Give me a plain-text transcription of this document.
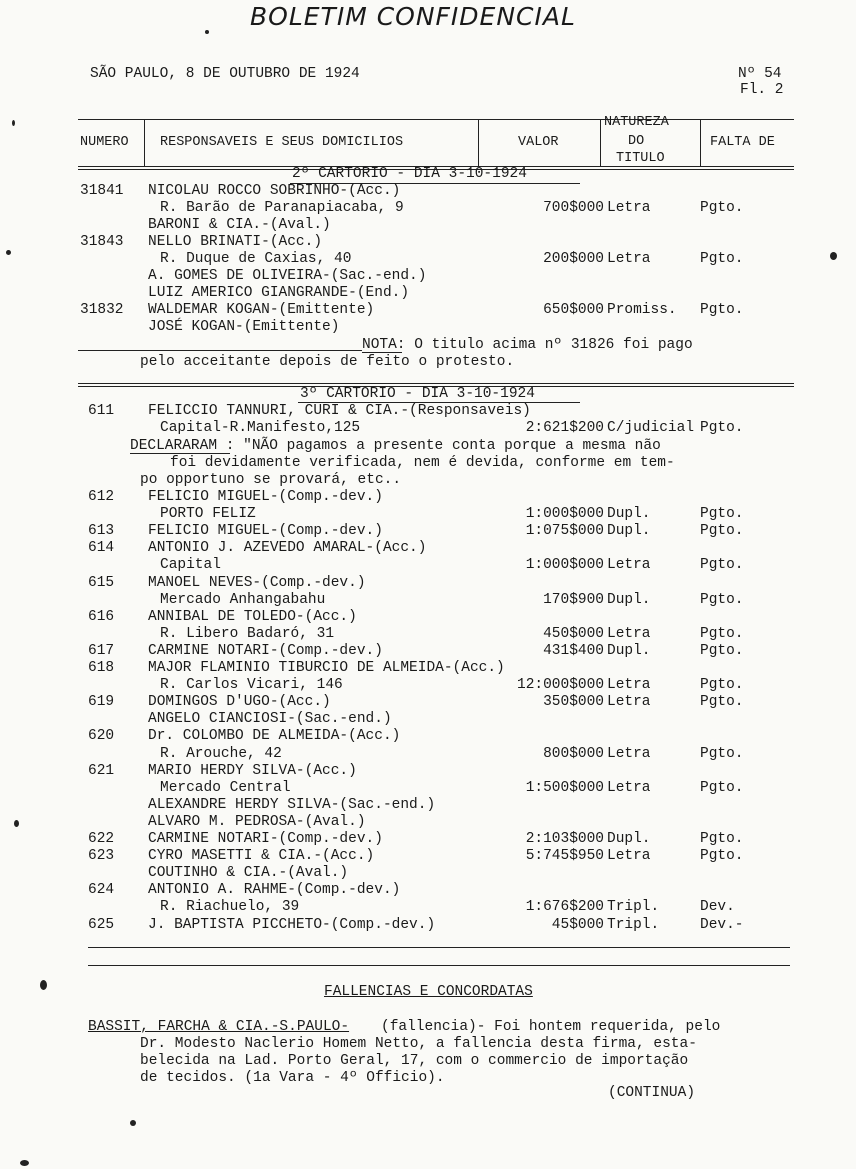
BOLETIM CONFIDENCIAL
SÃO PAULO, 8 DE OUTUBRO DE 1924	Nº 54
Fl. 2
NUMERO RESPONSAVEIS E SEUS DOMICILIOS	VALOR
NATUREZA
DO
TITULO
FALTA DE
2º CARTORIO - DIA 3-10-1924
31841 NICOLAU ROCCO SOBRINHO-(Acc.)
R. Barão de Paranapiacaba, 9	700$000 Letra	Pgto.
BARONI & CIA.-(Aval.)
31843 NELLO BRINATI-(Acc.)
R. Duque de Caxias, 40	200$000 Letra	Pgto.
A. GOMES DE OLIVEIRA-(Sac.-end.)
LUIZ AMERICO GIANGRANDE-(End.)
31832 WALDEMAR KOGAN-(Emittente)	650$000 Promiss. Pgto.
JOSÉ KOGAN-(Emittente)
NOTA: O titulo acima nº 31826 foi pago
pelo acceitante depois de feito o protesto.
3º CARTORIO - DIA 3-10-1924
611 FELICCIO TANNURI, CURI & CIA.-(Responsaveis)
Capital-R.Manifesto,125	2:621$200 C/judicial Pgto.
DECLARARAM : "NÃO pagamos a presente conta porque a mesma não
foi devidamente verificada, nem é devida, conforme em tem-
po opportuno se provará, etc..
612 FELICIO MIGUEL-(Comp.-dev.)
PORTO FELIZ	1:000$000 Dupl.	Pgto.
613 FELICIO MIGUEL-(Comp.-dev.)	1:075$000 Dupl.	Pgto.
614 ANTONIO J. AZEVEDO AMARAL-(Acc.)
Capital	1:000$000 Letra	Pgto.
615 MANOEL NEVES-(Comp.-dev.)
Mercado Anhangabahu	170$900 Dupl.	Pgto.
616 ANNIBAL DE TOLEDO-(Acc.)
R. Libero Badaró, 31	450$000 Letra	Pgto.
617 CARMINE NOTARI-(Comp.-dev.)	431$400 Dupl.	Pgto.
618 MAJOR FLAMINIO TIBURCIO DE ALMEIDA-(Acc.)
R. Carlos Vicari, 146	12:000$000 Letra	Pgto.
619 DOMINGOS D'UGO-(Acc.)	350$000 Letra	Pgto.
ANGELO CIANCIOSI-(Sac.-end.)
620 Dr. COLOMBO DE ALMEIDA-(Acc.)
R. Arouche, 42	800$000 Letra	Pgto.
621 MARIO HERDY SILVA-(Acc.)
Mercado Central	1:500$000 Letra	Pgto.
ALEXANDRE HERDY SILVA-(Sac.-end.)
ALVARO M. PEDROSA-(Aval.)
622 CARMINE NOTARI-(Comp.-dev.)	2:103$000 Dupl.	Pgto.
623 CYRO MASETTI & CIA.-(Acc.)	5:745$950 Letra	Pgto.
COUTINHO & CIA.-(Aval.)
624 ANTONIO A. RAHME-(Comp.-dev.)
R. Riachuelo, 39	1:676$200 Tripl.	Dev.
625 J. BAPTISTA PICCHETO-(Comp.-dev.)	45$000 Tripl.	Dev.-
FALLENCIAS E CONCORDATAS
BASSIT, FARCHA & CIA.-S.PAULO- (fallencia)- Foi hontem requerida, pelo
Dr. Modesto Naclerio Homem Netto, a fallencia desta firma, esta-
belecida na Lad. Porto Geral, 17, com o commercio de importação
de tecidos. (1a Vara - 4º Officio).
(CONTINUA)
